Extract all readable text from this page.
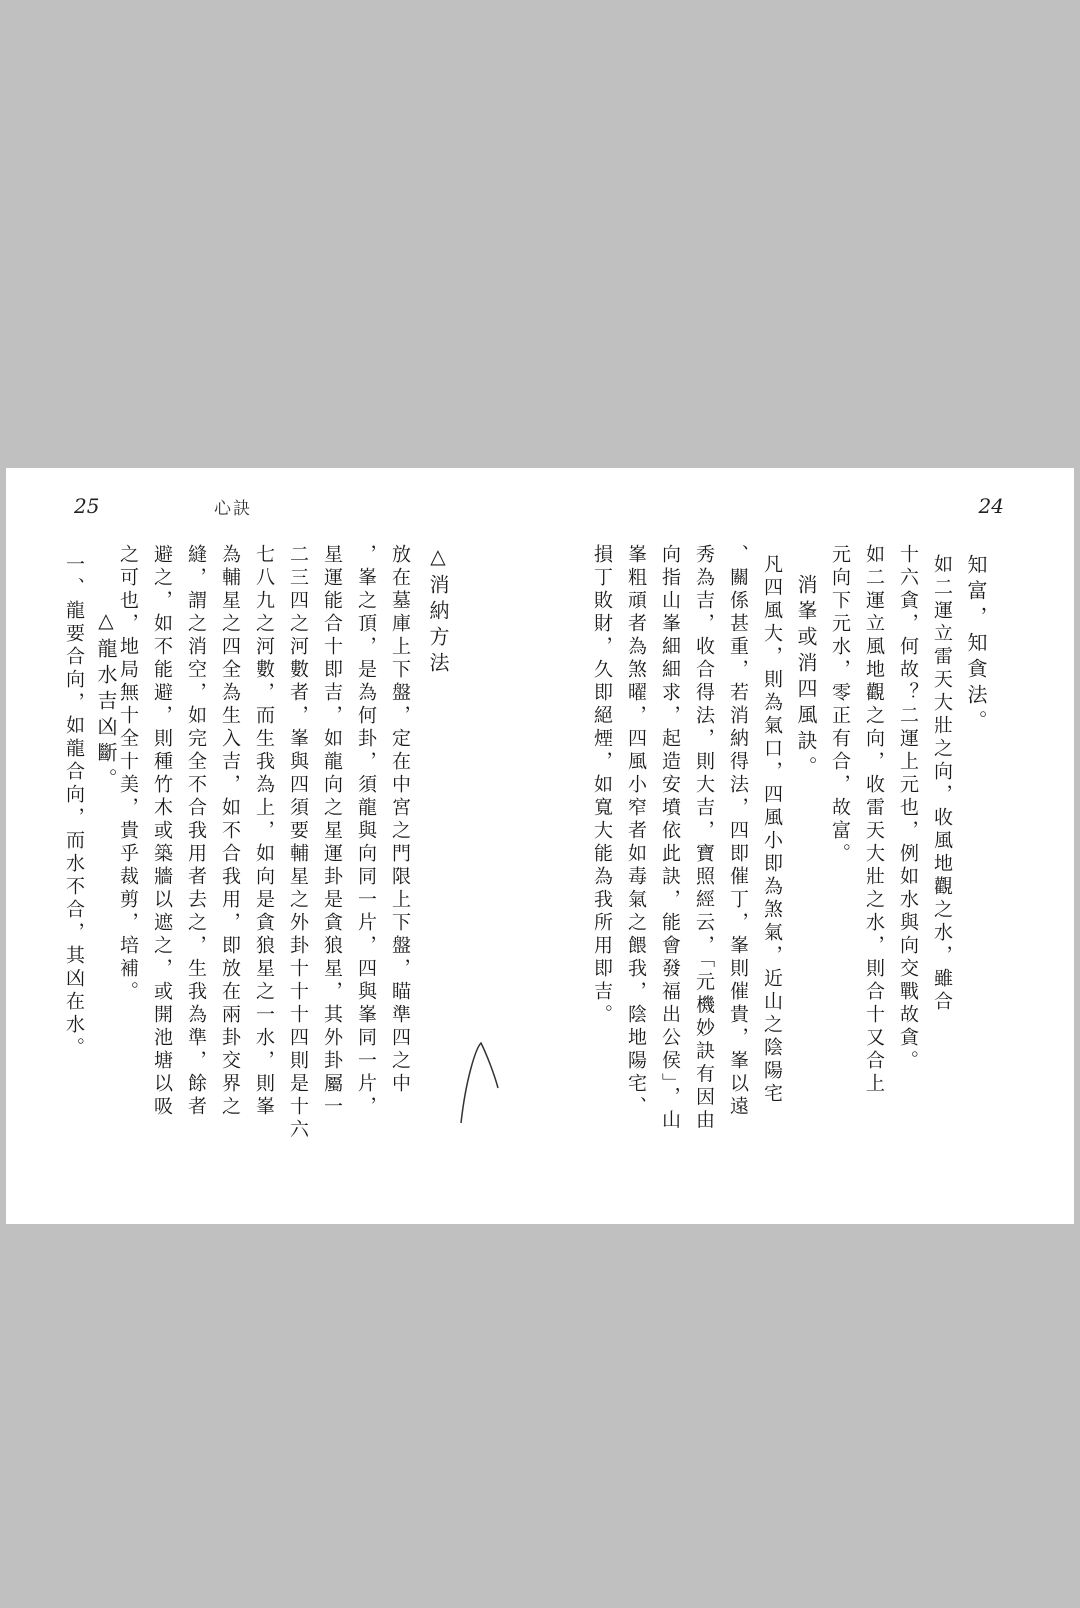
25	心訣
△消納方法
放在墓庫上下盤，定在中宮之門限上下盤，瞄準四之中
，峯之頂，是為何卦，須龍與向同一片，四與峯同一片，
星運能合十即吉，如龍向之星運卦是貪狼星，其外卦屬一
二三四之河數者，峯與四須要輔星之外卦十十十四則是十六
七八九之河數，而生我為上，如向是貪狼星之一水，則峯
為輔星之四全為生入吉，如不合我用，即放在兩卦交界之
縫，謂之消空，如完全不合我用者去之，生我為準，餘者
避之，如不能避，則種竹木或築牆以遮之，或開池塘以吸
之可也，地局無十全十美，貴乎裁剪，培補。
△龍水吉凶斷。
一、龍要合向，如龍合向，而水不合，其凶在水。
24
知富，知貪法。
如二運立雷天大壯之向，收風地觀之水，雖合
十六貪，何故？二運上元也，例如水與向交戰故貪。
如二運立風地觀之向，收雷天大壯之水，則合十又合上
元向下元水，零正有合，故富。
消峯或消四風訣。
凡四風大，則為氣口，四風小即為煞氣，近山之陰陽宅
、關係甚重，若消納得法，四即催丁，峯則催貴，峯以遠
秀為吉，收合得法，則大吉，寶照經云，「元機妙訣有因由
向指山峯細細求，起造安墳依此訣，能會發福出公侯」，山
峯粗頑者為煞曜，四風小窄者如毒氣之餵我，陰地陽宅、
損丁敗財，久即絕煙，如寬大能為我所用即吉。
